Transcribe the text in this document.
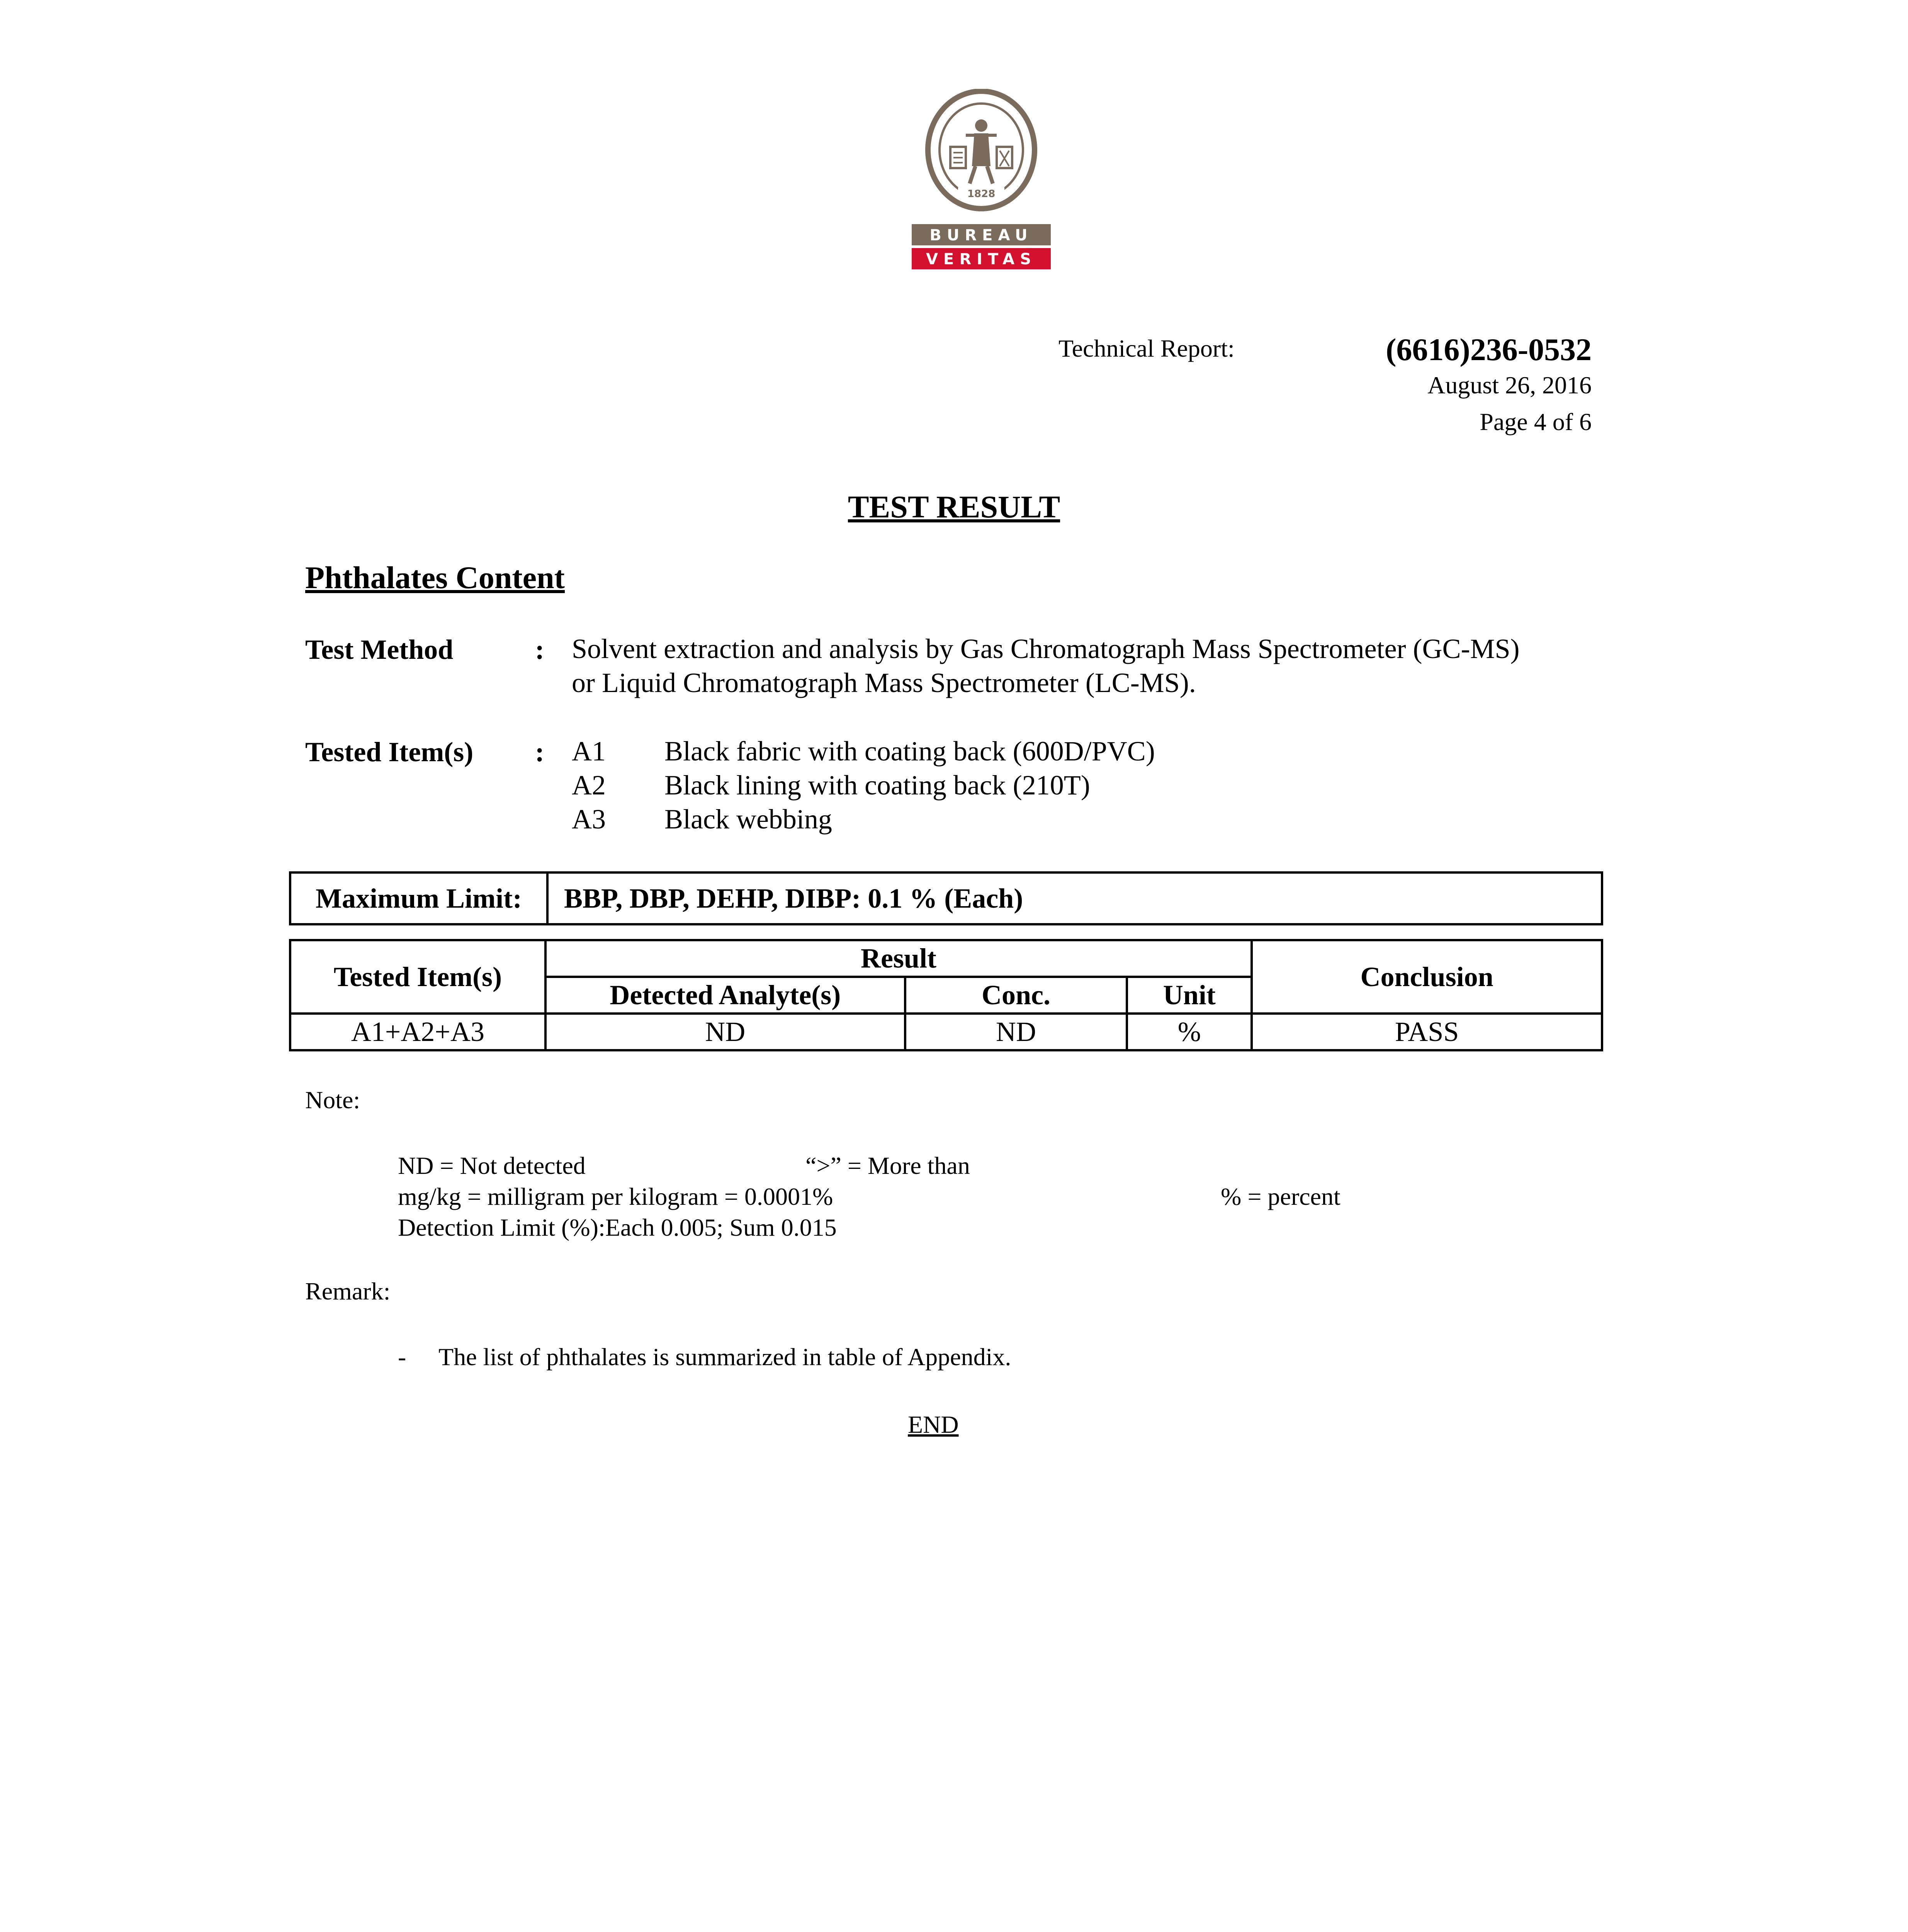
1828
BUREAU
VERITAS
Technical Report:	(6616)236-0532
August 26, 2016
Page 4 of 6
TEST RESULT
Phthalates Content
Test Method	: Solvent extraction and analysis by Gas Chromatograph Mass Spectrometer (GC-MS)
or Liquid Chromatograph Mass Spectrometer (LC-MS).
Tested Item(s) : A1 Black fabric with coating back (600D/PVC)
A2 Black lining with coating back (210T)
A3 Black webbing
Maximum Limit:	BBP, DBP, DEHP, DIBP: 0.1 % (Each)
Tested Item(s)	Result			Conclusion
	Detected Analyte(s)	Conc.	Unit	
A1+A2+A3	ND	ND	%	PASS
Note:
ND = Not detected	“>” = More than
mg/kg = milligram per kilogram = 0.0001%	% = percent
Detection Limit (%):Each 0.005; Sum 0.015
Remark:
- The list of phthalates is summarized in table of Appendix.
END
